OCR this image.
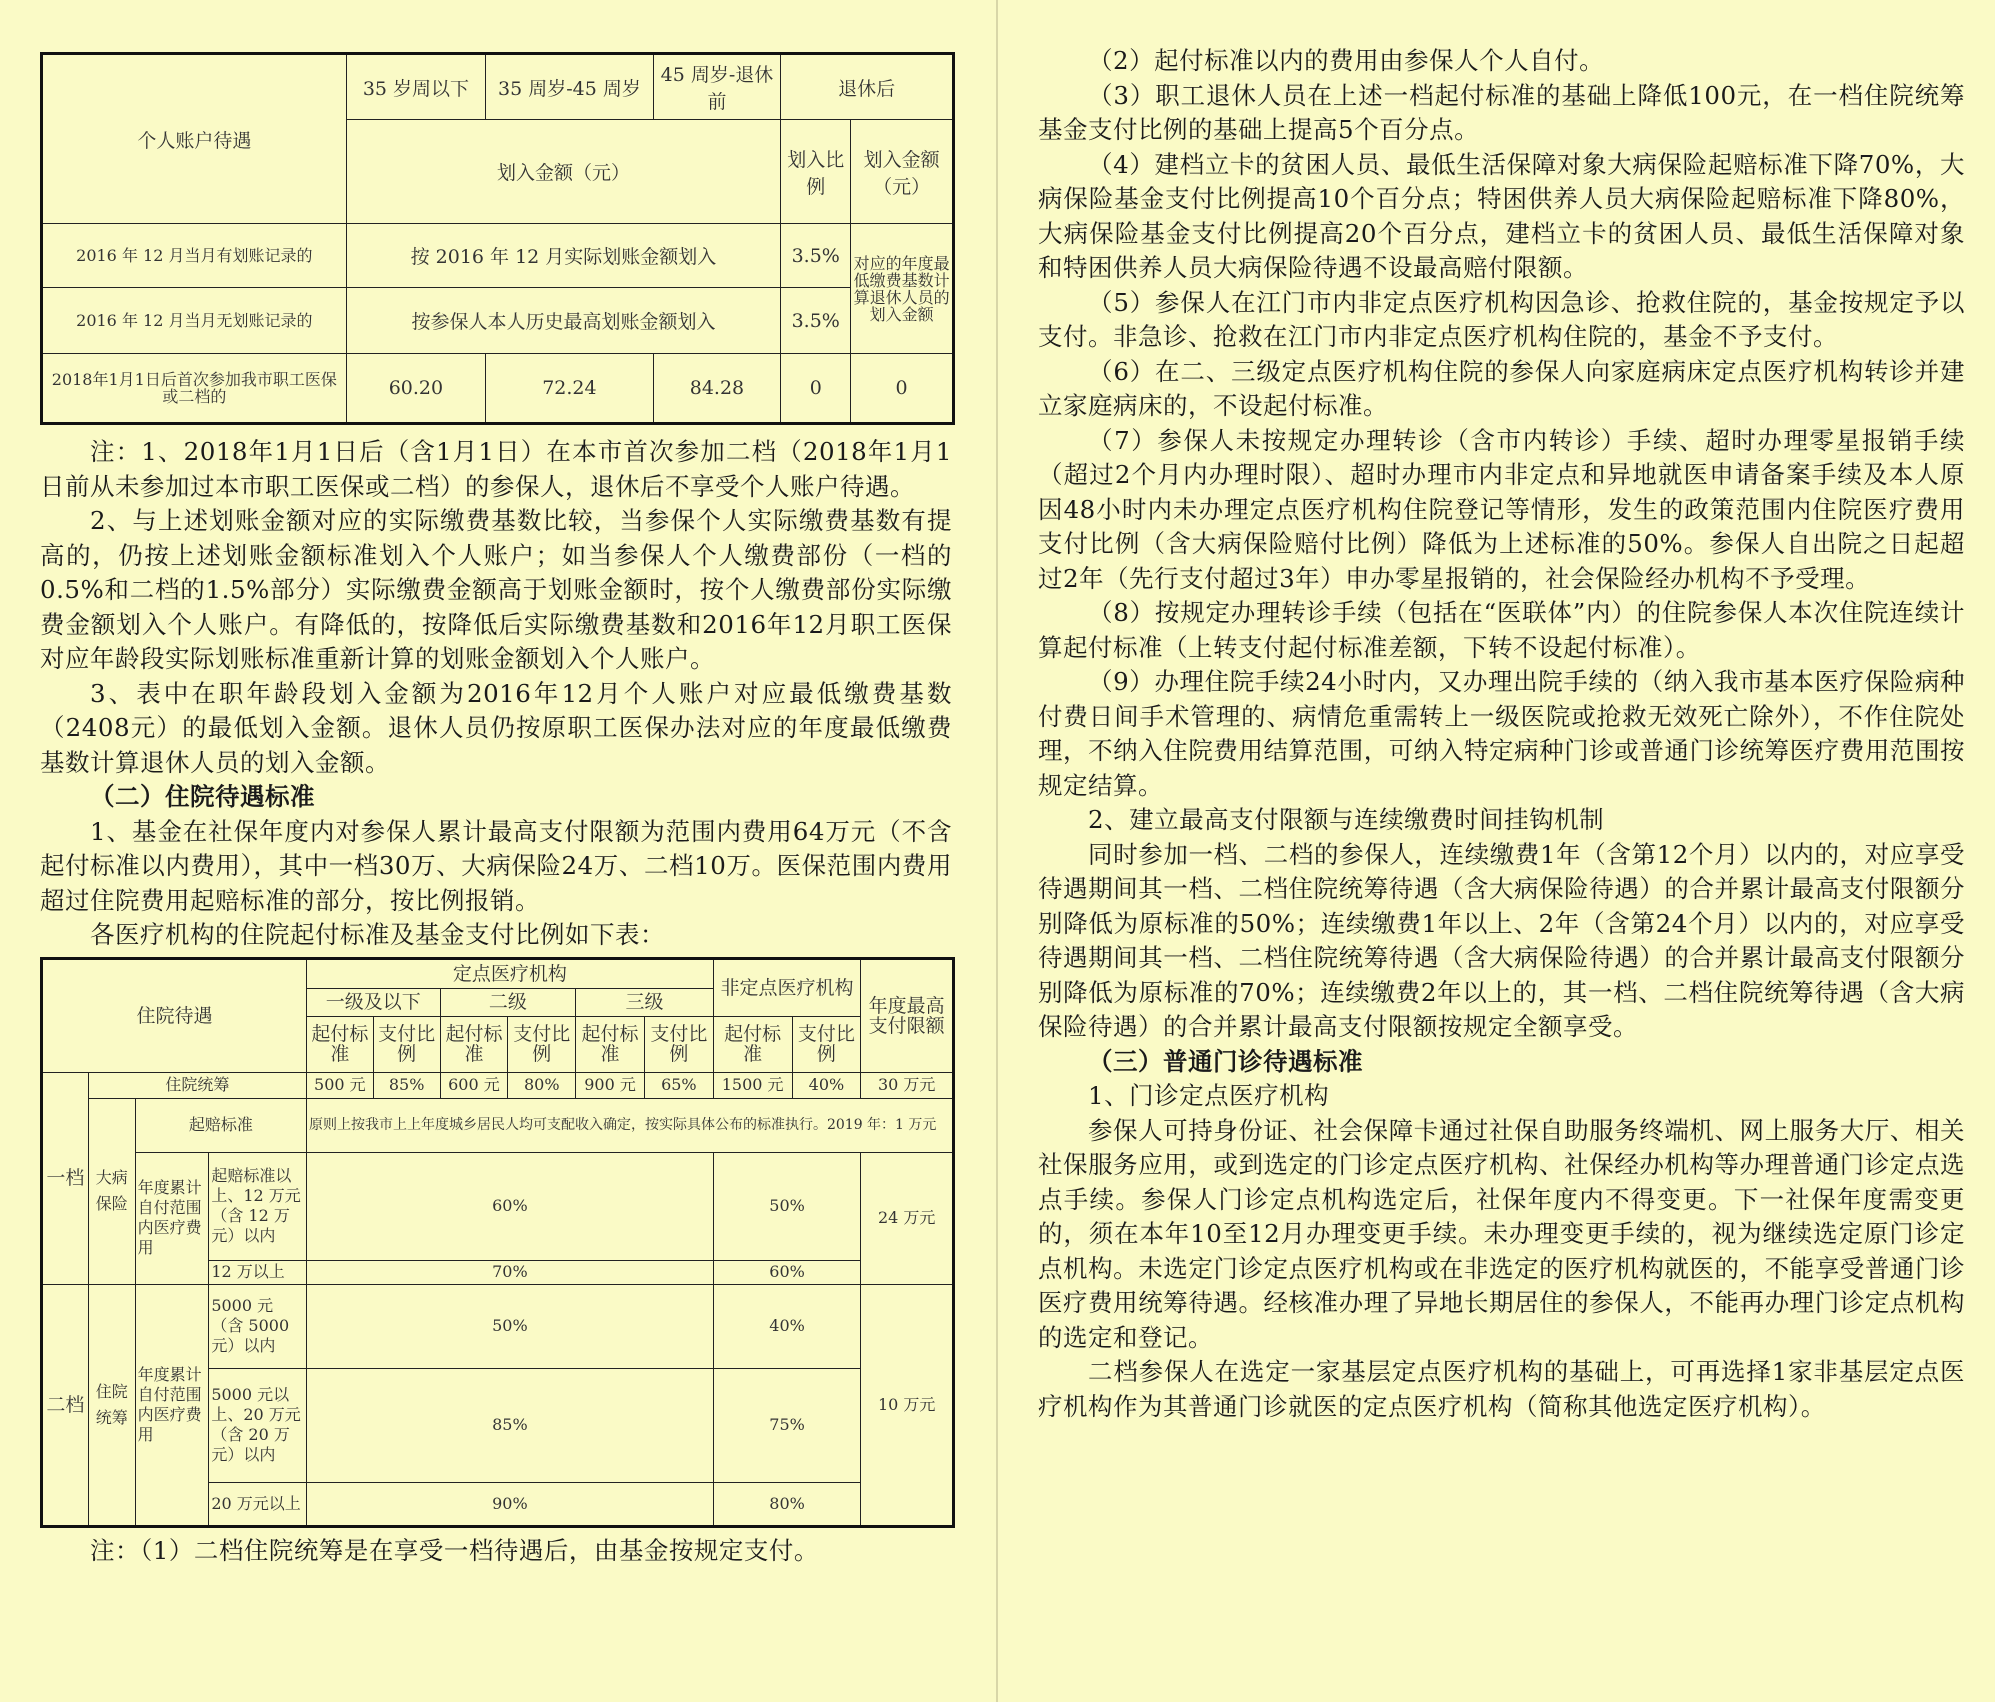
个人账户待遇	35 岁周以下	35 周岁-45 周岁	45 周岁-退休前	退休后	
	划入金额（元）			划入比例	划入金额（元）
2016 年 12 月当月有划账记录的	按 2016 年 12 月实际划账金额划入			3.5%	对应的年度最低缴费基数计算退休人员的划入金额
2016 年 12 月当月无划账记录的	按参保人本人历史最高划账金额划入			3.5%	
2018年1月1日后首次参加我市职工医保或二档的	60.20	72.24	84.28	0	0

注：1、2018年1月1日后（含1月1日）在本市首次参加二档（2018年1月1日前从未参加过本市职工医保或二档）的参保人，退休后不享受个人账户待遇。

2、与上述划账金额对应的实际缴费基数比较，当参保个人实际缴费基数有提高的，仍按上述划账金额标准划入个人账户；如当参保人个人缴费部份（一档的0.5%和二档的1.5%部分）实际缴费金额高于划账金额时，按个人缴费部份实际缴费金额划入个人账户。有降低的，按降低后实际缴费基数和2016年12月职工医保对应年龄段实际划账标准重新计算的划账金额划入个人账户。

3、表中在职年龄段划入金额为2016年12月个人账户对应最低缴费基数（2408元）的最低划入金额。退休人员仍按原职工医保办法对应的年度最低缴费基数计算退休人员的划入金额。

（二）住院待遇标准

1、基金在社保年度内对参保人累计最高支付限额为范围内费用64万元（不含起付标准以内费用），其中一档30万、大病保险24万、二档10万。医保范围内费用超过住院费用起赔标准的部分，按比例报销。

各医疗机构的住院起付标准及基金支付比例如下表：

住院待遇				定点医疗机构						非定点医疗机构		年度最高支付限额
				一级及以下		二级		三级				
				起付标准	支付比例	起付标准	支付比例	起付标准	支付比例	起付标准	支付比例	
一档	住院统筹			500 元	85%	600 元	80%	900 元	65%	1500 元	40%	30 万元
	大病保险	起赔标准		原则上按我市上上年度城乡居民人均可支配收入确定，按实际具体公布的标准执行。2019 年：1 万元								
		年度累计自付范围内医疗费用	起赔标准以上、12 万元（含 12 万元）以内	60%						50%		24 万元
			12 万以上	70%						60%		

二档	住院统筹	年度累计自付范围内医疗费用	5000 元（含 5000 元）以内	50%						40%		10 万元
			5000 元以上、20 万元（含 20 万元）以内	85%						75%		
			20 万元以上	90%						80%		

注：（1）二档住院统筹是在享受一档待遇后，由基金按规定支付。

（2）起付标准以内的费用由参保人个人自付。

（3）职工退休人员在上述一档起付标准的基础上降低100元，在一档住院统筹基金支付比例的基础上提高5个百分点。

（4）建档立卡的贫困人员、最低生活保障对象大病保险起赔标准下降70%，大病保险基金支付比例提高10个百分点；特困供养人员大病保险起赔标准下降80%，大病保险基金支付比例提高20个百分点，建档立卡的贫困人员、最低生活保障对象和特困供养人员大病保险待遇不设最高赔付限额。

（5）参保人在江门市内非定点医疗机构因急诊、抢救住院的，基金按规定予以支付。非急诊、抢救在江门市内非定点医疗机构住院的，基金不予支付。

（6）在二、三级定点医疗机构住院的参保人向家庭病床定点医疗机构转诊并建立家庭病床的，不设起付标准。

（7）参保人未按规定办理转诊（含市内转诊）手续、超时办理零星报销手续（超过2个月内办理时限）、超时办理市内非定点和异地就医申请备案手续及本人原因48小时内未办理定点医疗机构住院登记等情形，发生的政策范围内住院医疗费用支付比例（含大病保险赔付比例）降低为上述标准的50%。参保人自出院之日起超过2年（先行支付超过3年）申办零星报销的，社会保险经办机构不予受理。

（8）按规定办理转诊手续（包括在“医联体”内）的住院参保人本次住院连续计算起付标准（上转支付起付标准差额，下转不设起付标准）。

（9）办理住院手续24小时内，又办理出院手续的（纳入我市基本医疗保险病种付费日间手术管理的、病情危重需转上一级医院或抢救无效死亡除外），不作住院处理，不纳入住院费用结算范围，可纳入特定病种门诊或普通门诊统筹医疗费用范围按规定结算。

2、建立最高支付限额与连续缴费时间挂钩机制

同时参加一档、二档的参保人，连续缴费1年（含第12个月）以内的，对应享受待遇期间其一档、二档住院统筹待遇（含大病保险待遇）的合并累计最高支付限额分别降低为原标准的50%；连续缴费1年以上、2年（含第24个月）以内的，对应享受待遇期间其一档、二档住院统筹待遇（含大病保险待遇）的合并累计最高支付限额分别降低为原标准的70%；连续缴费2年以上的，其一档、二档住院统筹待遇（含大病保险待遇）的合并累计最高支付限额按规定全额享受。

（三）普通门诊待遇标准

1、门诊定点医疗机构

参保人可持身份证、社会保障卡通过社保自助服务终端机、网上服务大厅、相关社保服务应用，或到选定的门诊定点医疗机构、社保经办机构等办理普通门诊定点选点手续。参保人门诊定点机构选定后，社保年度内不得变更。下一社保年度需变更的，须在本年10至12月办理变更手续。未办理变更手续的，视为继续选定原门诊定点机构。未选定门诊定点医疗机构或在非选定的医疗机构就医的，不能享受普通门诊医疗费用统筹待遇。经核准办理了异地长期居住的参保人，不能再办理门诊定点机构的选定和登记。

二档参保人在选定一家基层定点医疗机构的基础上，可再选择1家非基层定点医疗机构作为其普通门诊就医的定点医疗机构（简称其他选定医疗机构）。
